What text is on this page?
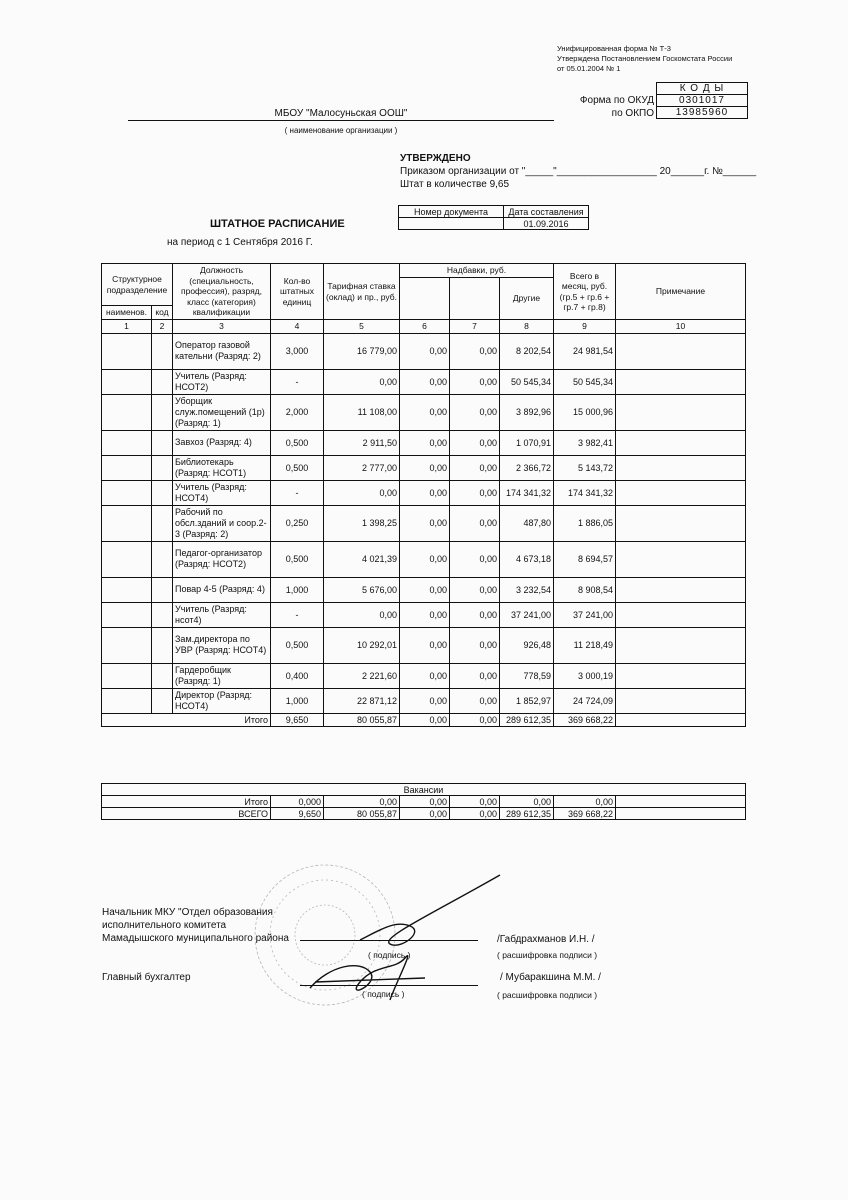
Унифицированная форма № Т-3
Утверждена Постановлением Госкомстата России
от 05.01.2004 № 1
К О Д Ы
0301017
13985960
Форма по ОКУД
по ОКПО
МБОУ "Малосуньская ООШ"
( наименование организации )
УТВЕРЖДЕНО
Приказом организации от "_____"__________________ 20______г. №______
Штат в количестве 9,65
Номер документа	Дата составления
	01.09.2016
ШТАТНОЕ РАСПИСАНИЕ
на период с 1 Сентября 2016 Г.
Структурное подразделение		Должность (специальность, профессия), разряд, класс (категория) квалификации	Кол-во штатных единиц	Тарифная ставка (оклад) и пр., руб.	Надбавки, руб.			Всего в месяц, руб. (гр.5 + гр.6 + гр.7 + гр.8)	Примечание
							Другие		
наименов.	код								
1	2	3	4	5	6	7	8	9	10
		Оператор газовой кательни (Разряд: 2)	3,000	16 779,00	0,00	0,00	8 202,54	24 981,54	
		Учитель (Разряд: НСОТ2)	-	0,00	0,00	0,00	50 545,34	50 545,34	
		Уборщик служ.помещений (1р) (Разряд: 1)	2,000	11 108,00	0,00	0,00	3 892,96	15 000,96	
		Завхоз (Разряд: 4)	0,500	2 911,50	0,00	0,00	1 070,91	3 982,41	
		Библиотекарь (Разряд: НСОТ1)	0,500	2 777,00	0,00	0,00	2 366,72	5 143,72	
		Учитель (Разряд: НСОТ4)	-	0,00	0,00	0,00	174 341,32	174 341,32	
		Рабочий по обсл.зданий и соор.2-3 (Разряд: 2)	0,250	1 398,25	0,00	0,00	487,80	1 886,05	
		Педагог-организатор (Разряд: НСОТ2)	0,500	4 021,39	0,00	0,00	4 673,18	8 694,57	
		Повар 4-5 (Разряд: 4)	1,000	5 676,00	0,00	0,00	3 232,54	8 908,54	
		Учитель (Разряд: нсот4)	-	0,00	0,00	0,00	37 241,00	37 241,00	
		Зам.директора по УВР (Разряд: НСОТ4)	0,500	10 292,01	0,00	0,00	926,48	11 218,49	
		Гардеробщик (Разряд: 1)	0,400	2 221,60	0,00	0,00	778,59	3 000,19	
		Директор (Разряд: НСОТ4)	1,000	22 871,12	0,00	0,00	1 852,97	24 724,09	
		Итого	9,650	80 055,87	0,00	0,00	289 612,35	369 668,22	
Вакансии							
Итого	0,000	0,00	0,00	0,00	0,00	0,00	
ВСЕГО	9,650	80 055,87	0,00	0,00	289 612,35	369 668,22	
Начальник МКУ "Отдел образования исполнительного комитета Мамадышского муниципального района
( подпись )
/Габдрахманов И.Н. /
( расшифровка подписи )
Главный бухгалтер
( подпись )
/ Мубаракшина М.М. /
( расшифровка подписи )
